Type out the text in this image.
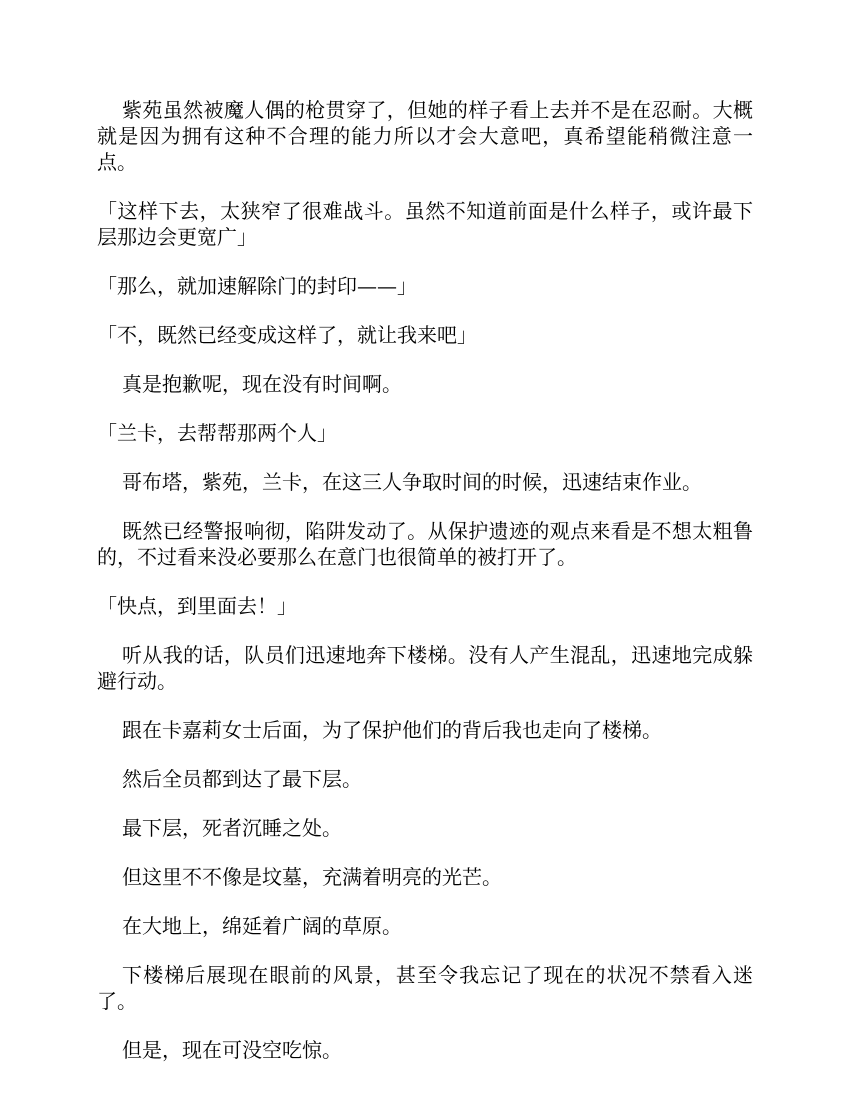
紫苑虽然被魔人偶的枪贯穿了，但她的样子看上去并不是在忍耐。大概就是因为拥有这种不合理的能力所以才会大意吧，真希望能稍微注意一点。

「这样下去，太狭窄了很难战斗。虽然不知道前面是什么样子，或许最下层那边会更宽广」

「那么，就加速解除门的封印——」

「不，既然已经变成这样了，就让我来吧」

真是抱歉呢，现在没有时间啊。

「兰卡，去帮帮那两个人」

哥布塔，紫苑，兰卡，在这三人争取时间的时候，迅速结束作业。

既然已经警报响彻，陷阱发动了。从保护遗迹的观点来看是不想太粗鲁的，不过看来没必要那么在意门也很简单的被打开了。

「快点，到里面去！」

听从我的话，队员们迅速地奔下楼梯。没有人产生混乱，迅速地完成躲避行动。

跟在卡嘉莉女士后面，为了保护他们的背后我也走向了楼梯。

然后全员都到达了最下层。

最下层，死者沉睡之处。

但这里不不像是坟墓，充满着明亮的光芒。

在大地上，绵延着广阔的草原。

下楼梯后展现在眼前的风景，甚至令我忘记了现在的状况不禁看入迷了。

但是，现在可没空吃惊。
